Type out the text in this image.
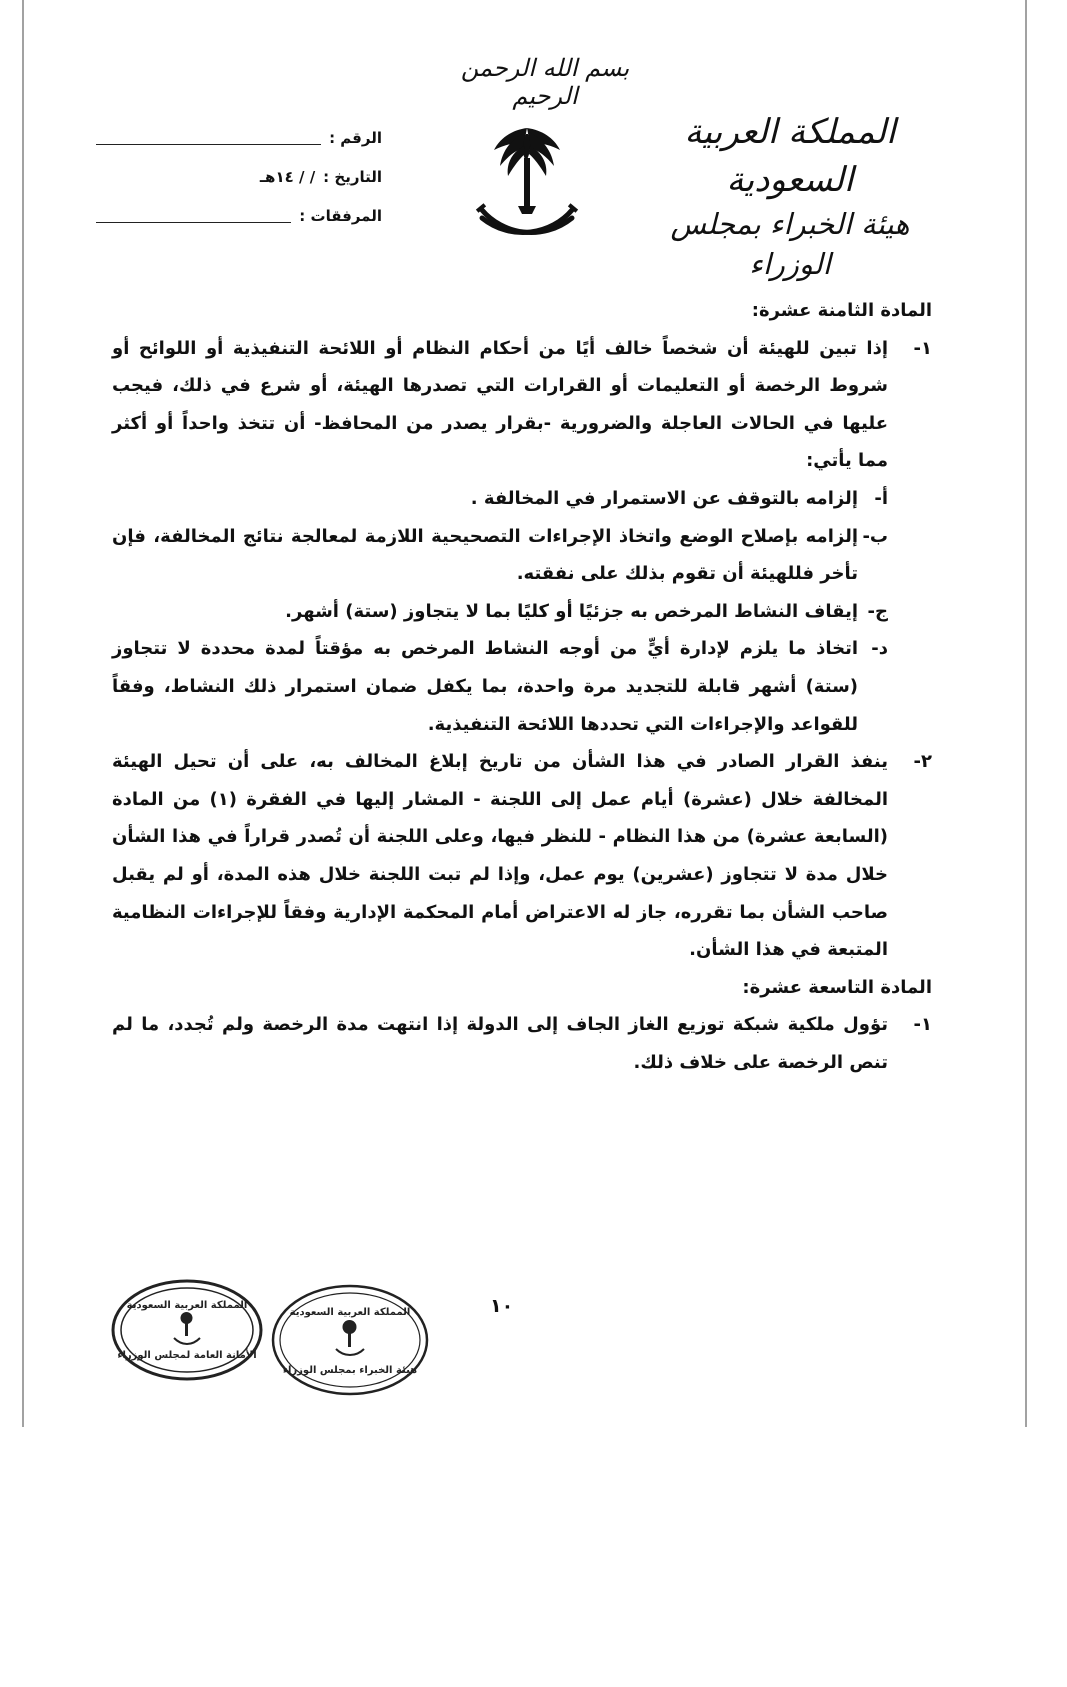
بسم الله الرحمن الرحيم
المملكة العربية السعودية
هيئة الخبراء بمجلس الوزراء
الرقم :
التاريخ :
/ / ١٤هـ
المرفقات :
المادة الثامنة عشرة:
١-
إذا تبين للهيئة أن شخصاً خالف أيًا من أحكام النظام أو اللائحة التنفيذية أو اللوائح أو شروط الرخصة أو التعليمات أو القرارات التي تصدرها الهيئة، أو شرع في ذلك، فيجب عليها في الحالات العاجلة والضرورية -بقرار يصدر من المحافظ- أن تتخذ واحداً أو أكثر مما يأتي:
أ-
إلزامه بالتوقف عن الاستمرار في المخالفة .
ب-
إلزامه بإصلاح الوضع واتخاذ الإجراءات التصحيحية اللازمة لمعالجة نتائج المخالفة، فإن تأخر فللهيئة أن تقوم بذلك على نفقته.
ج-
إيقاف النشاط المرخص به جزئيًا أو كليًا بما لا يتجاوز (ستة) أشهر.
د-
اتخاذ ما يلزم لإدارة أيٍّ من أوجه النشاط المرخص به مؤقتاً لمدة محددة لا تتجاوز (ستة) أشهر قابلة للتجديد مرة واحدة، بما يكفل ضمان استمرار ذلك النشاط، وفقاً للقواعد والإجراءات التي تحددها اللائحة التنفيذية.
٢-
ينفذ القرار الصادر في هذا الشأن من تاريخ إبلاغ المخالف به، على أن تحيل الهيئة المخالفة خلال (عشرة) أيام عمل إلى اللجنة - المشار إليها في الفقرة (١) من المادة (السابعة عشرة) من هذا النظام - للنظر فيها، وعلى اللجنة أن تُصدر قراراً في هذا الشأن خلال مدة لا تتجاوز (عشرين) يوم عمل، وإذا لم تبت اللجنة خلال هذه المدة، أو لم يقبل صاحب الشأن بما تقرره، جاز له الاعتراض أمام المحكمة الإدارية وفقاً للإجراءات النظامية المتبعة في هذا الشأن.
المادة التاسعة عشرة:
١-
تؤول ملكية شبكة توزيع الغاز الجاف إلى الدولة إذا انتهت مدة الرخصة ولم تُجدد، ما لم تنص الرخصة على خلاف ذلك.
١٠
المملكة العربية السعودية
الأمانة العامة لمجلس الوزراء
المملكة العربية السعودية
هيئة الخبراء بمجلس الوزراء
